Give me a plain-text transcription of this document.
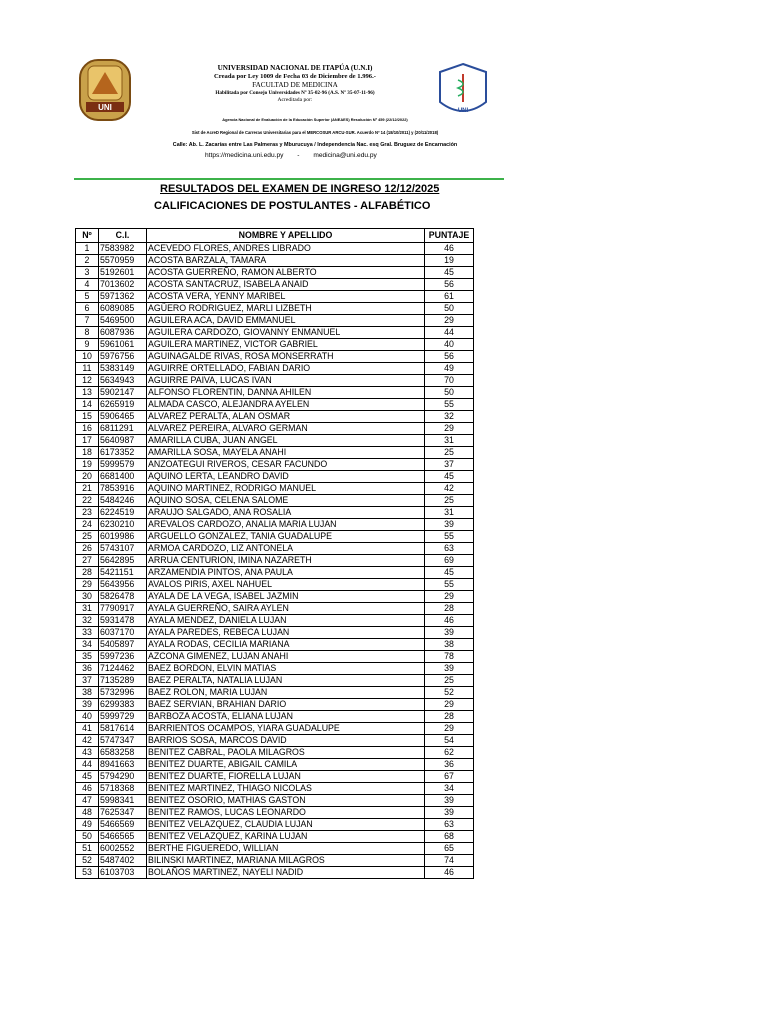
UNI
UNIVERSIDAD NACIONAL DE ITAPÚA (U.N.I)
Creada por Ley 1009 de Fecha 03 de Diciembre de 1.996.-
FACULTAD DE MEDICINA
Habilitada por Consejo Universidades Nº 35-02-96 (A.S. Nº 35-07-11-96)
Acreditada por:
Agencia Nacional de Evaluación de la Educación Superior (ANEAES) Resolución Nº 459 (22/12/2022)
Sist de AcreD Regional de Carreras Universitarias para el MERCOSUR ARCU-SUR. Acuerdo Nº 14 (18/10/2011) y (20/11/2018)
Calle: Ab. L. Zacarías entre Las Palmeras y Mburucuya / Independencia Nac. esq Gral. Bruguez de Encarnación
https://medicina.uni.edu.py - medicina@uni.edu.py
UNI
RESULTADOS DEL EXAMEN DE INGRESO 12/12/2025
CALIFICACIONES DE POSTULANTES - ALFABÉTICO
Nº	C.I.	NOMBRE Y APELLIDO	PUNTAJE
1	7583982	ACEVEDO FLORES, ANDRES LIBRADO	46
2	5570959	ACOSTA BARZALA, TAMARA	19
3	5192601	ACOSTA GUERREÑO, RAMON ALBERTO	45
4	7013602	ACOSTA SANTACRUZ, ISABELA ANAID	56
5	5971362	ACOSTA VERA, YENNY MARIBEL	61
6	6089085	AGÜERO RODRIGUEZ, MARLI LIZBETH	50
7	5469500	AGUILERA ACA, DAVID EMMANUEL	29
8	6087936	AGUILERA CARDOZO, GIOVANNY ENMANUEL	44
9	5961061	AGUILERA MARTINEZ, VICTOR GABRIEL	40
10	5976756	AGUINAGALDE RIVAS, ROSA MONSERRATH	56
11	5383149	AGUIRRE ORTELLADO, FABIAN DARIO	49
12	5634943	AGUIRRE PAIVA, LUCAS IVAN	70
13	5902147	ALFONSO FLORENTIN, DANNA AHILEN	50
14	6265919	ALMADA CASCO, ALEJANDRA AYELEN	55
15	5906465	ALVAREZ PERALTA, ALAN OSMAR	32
16	6811291	ALVAREZ PEREIRA, ALVARO GERMAN	29
17	5640987	AMARILLA CUBA, JUAN ANGEL	31
18	6173352	AMARILLA SOSA, MAYELA ANAHI	25
19	5999579	ANZOATEGUI RIVEROS, CESAR FACUNDO	37
20	6681400	AQUINO LERTA, LEANDRO DAVID	45
21	7853916	AQUINO MARTINEZ, RODRIGO MANUEL	42
22	5484246	AQUINO SOSA, CELENA SALOME	25
23	6224519	ARAUJO SALGADO, ANA ROSALIA	31
24	6230210	AREVALOS CARDOZO, ANALIA MARIA LUJAN	39
25	6019986	ARGUELLO GONZALEZ, TANIA GUADALUPE	55
26	5743107	ARMOA CARDOZO, LIZ ANTONELA	63
27	5642895	ARRUA CENTURION, IMINA NAZARETH	69
28	5421151	ARZAMENDIA PINTOS, ANA PAULA	45
29	5643956	AVALOS PIRIS, AXEL NAHUEL	55
30	5826478	AYALA DE LA VEGA, ISABEL JAZMIN	29
31	7790917	AYALA GUERREÑO, SAIRA AYLEN	28
32	5931478	AYALA MENDEZ, DANIELA LUJAN	46
33	6037170	AYALA PAREDES, REBECA LUJAN	39
34	5405897	AYALA RODAS, CECILIA MARIANA	38
35	5997236	AZCONA GIMENEZ, LUJAN ANAHI	78
36	7124462	BAEZ BORDON, ELVIN MATIAS	39
37	7135289	BAEZ PERALTA, NATALIA LUJAN	25
38	5732996	BAEZ ROLON, MARIA LUJAN	52
39	6299383	BAEZ SERVIAN, BRAHIAN DARIO	29
40	5999729	BARBOZA ACOSTA, ELIANA LUJAN	28
41	5817614	BARRIENTOS OCAMPOS, YIARA GUADALUPE	29
42	5747347	BARRIOS SOSA, MARCOS DAVID	54
43	6583258	BENITEZ CABRAL, PAOLA MILAGROS	62
44	8941663	BENITEZ DUARTE, ABIGAIL CAMILA	36
45	5794290	BENITEZ DUARTE, FIORELLA LUJAN	67
46	5718368	BENITEZ MARTINEZ, THIAGO NICOLAS	34
47	5998341	BENITEZ OSORIO, MATHIAS GASTON	39
48	7625347	BENITEZ RAMOS, LUCAS LEONARDO	39
49	5466569	BENITEZ VELAZQUEZ, CLAUDIA LUJAN	63
50	5466565	BENITEZ VELAZQUEZ, KARINA LUJAN	68
51	6002552	BERTHE FIGUEREDO, WILLIAN	65
52	5487402	BILINSKI MARTINEZ, MARIANA MILAGROS	74
53	6103703	BOLAÑOS MARTINEZ, NAYELI NADID	46
